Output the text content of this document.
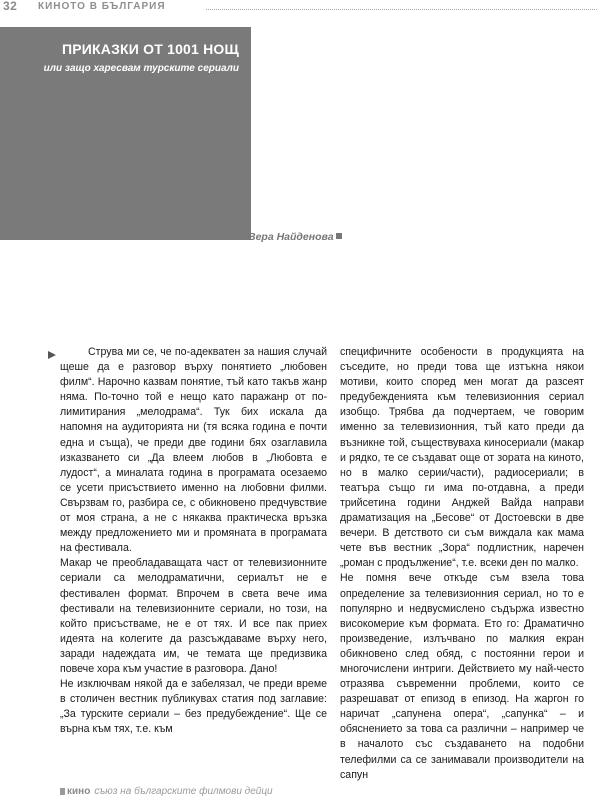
32 КИНОТО В БЪЛГАРИЯ
ПРИКАЗКИ ОТ 1001 НОЩ
или защо харесвам турските сериали
Вера Найденова

Струва ми се, че по-адекватен за нашия случай щеше да е разговор върху понятието „любовен филм“. Нарочно казвам понятие, тъй като такъв жанр няма. По-точно той е нещо като паражанр от по-лимитирания „мелодрама“. Тук бих искала да напомня на аудиторията ни (тя всяка година е почти една и съща), че преди две години бях озаглавила изказването си „Да влеем любов в „Любовта е лудост“, а миналата година в програмата осезаемо се усети присъствието именно на любовни филми. Свързвам го, разбира се, с обикновено предчувствие от моя страна, а не с някаква практическа връзка между предложението ми и промяната в програмата на фестивала.

Макар че преобладаващата част от телевизионните сериали са мелодраматични, сериалът не е фестивален формат. Впрочем в света вече има фестивали на телевизионните сериали, но този, на който присъстваме, не е от тях. И все пак приех идеята на колегите да разсъждаваме върху него, заради надеждата им, че темата ще предизвика повече хора към участие в разговора. Дано!

Не изключвам някой да е забелязал, че преди време в столичен вестник публикувах статия под заглавие: „За турските сериали – без предубеждение“. Ще се върна към тях, т.е. към

специфичните особености в продукцията на съседите, но преди това ще изтъкна някои мотиви, които според мен могат да разсеят предубежденията към телевизионния сериал изобщо. Трябва да подчертаем, че говорим именно за телевизионния, тъй като преди да възникне той, съществуваха киносериали (макар и рядко, те се създават още от зората на киното, но в малко серии/части), радиосериали; в театъра също ги има по-отдавна, а преди трийсетина години Анджей Вайда направи драматизация на „Бесове“ от Достоевски в две вечери. В детството си съм виждала как мама чете във вестник „Зора“ подлистник, наречен „роман с продължение“, т.е. всеки ден по малко.

Не помня вече откъде съм взела това определение за телевизионния сериал, но то е популярно и недвусмислено съдържа известно високомерие към формата. Ето го: Драматично произведение, излъчвано по малкия екран обикновено след обяд, с постоянни герои и многочислени интриги. Действието му най-често отразява съвременни проблеми, които се разрешават от епизод в епизод. На жаргон го наричат „сапунена опера“, „сапунка“ – и обяснението за това са различни – например че в началото със създаването на подобни телефилми са се занимавали производители на сапун

кино съюз на българските филмови дейци
